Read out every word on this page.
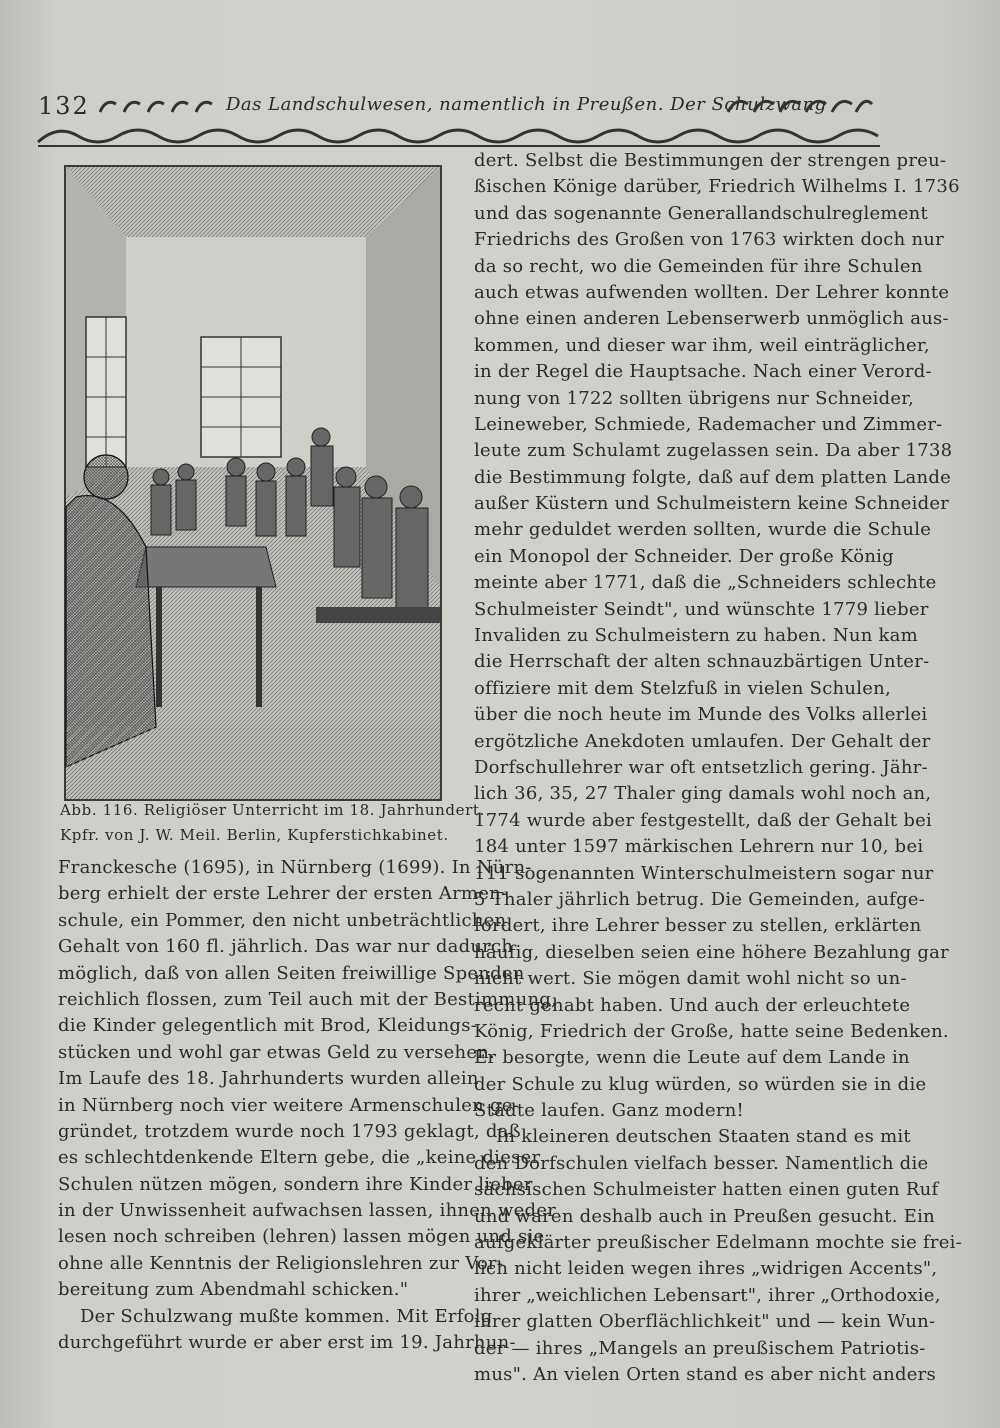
132	Das Landschulwesen, namentlich in Preußen. Der Schulzwang
Abb. 116. Religiöser Unterricht im 18. Jahrhundert.
Kpfr. von J. W. Meil. Berlin, Kupferstichkabinet.
Franckesche (1695), in Nürnberg (1699). In Nürn-
berg erhielt der erste Lehrer der ersten Armen-
schule, ein Pommer, den nicht unbeträchtlichen
Gehalt von 160 fl. jährlich. Das war nur dadurch
möglich, daß von allen Seiten freiwillige Spenden
reichlich flossen, zum Teil auch mit der Bestimmung,
die Kinder gelegentlich mit Brod, Kleidungs-
stücken und wohl gar etwas Geld zu versehen.
Im Laufe des 18. Jahrhunderts wurden allein
in Nürnberg noch vier weitere Armenschulen ge-
gründet, trotzdem wurde noch 1793 geklagt, daß
es schlechtdenkende Eltern gebe, die „keine dieser
Schulen nützen mögen, sondern ihre Kinder lieber
in der Unwissenheit aufwachsen lassen, ihnen weder
lesen noch schreiben (lehren) lassen mögen und sie
ohne alle Kenntnis der Religionslehren zur Vor-
bereitung zum Abendmahl schicken."
Der Schulzwang mußte kommen. Mit Erfolg
durchgeführt wurde er aber erst im 19. Jahrhun-
dert. Selbst die Bestimmungen der strengen preu-
ßischen Könige darüber, Friedrich Wilhelms I. 1736
und das sogenannte Generallandschulreglement
Friedrichs des Großen von 1763 wirkten doch nur
da so recht, wo die Gemeinden für ihre Schulen
auch etwas aufwenden wollten. Der Lehrer konnte
ohne einen anderen Lebenserwerb unmöglich aus-
kommen, und dieser war ihm, weil einträglicher,
in der Regel die Hauptsache. Nach einer Verord-
nung von 1722 sollten übrigens nur Schneider,
Leineweber, Schmiede, Rademacher und Zimmer-
leute zum Schulamt zugelassen sein. Da aber 1738
die Bestimmung folgte, daß auf dem platten Lande
außer Küstern und Schulmeistern keine Schneider
mehr geduldet werden sollten, wurde die Schule
ein Monopol der Schneider. Der große König
meinte aber 1771, daß die „Schneiders schlechte
Schulmeister Seindt", und wünschte 1779 lieber
Invaliden zu Schulmeistern zu haben. Nun kam
die Herrschaft der alten schnauzbärtigen Unter-
offiziere mit dem Stelzfuß in vielen Schulen,
über die noch heute im Munde des Volks allerlei
ergötzliche Anekdoten umlaufen. Der Gehalt der
Dorfschullehrer war oft entsetzlich gering. Jähr-
lich 36, 35, 27 Thaler ging damals wohl noch an,
1774 wurde aber festgestellt, daß der Gehalt bei
184 unter 1597 märkischen Lehrern nur 10, bei
111 sogenannten Winterschulmeistern sogar nur
5 Thaler jährlich betrug. Die Gemeinden, aufge-
fordert, ihre Lehrer besser zu stellen, erklärten
häufig, dieselben seien eine höhere Bezahlung gar
nicht wert. Sie mögen damit wohl nicht so un-
recht gehabt haben. Und auch der erleuchtete
König, Friedrich der Große, hatte seine Bedenken.
Er besorgte, wenn die Leute auf dem Lande in
der Schule zu klug würden, so würden sie in die
Städte laufen. Ganz modern!
In kleineren deutschen Staaten stand es mit
den Dorfschulen vielfach besser. Namentlich die
sächsischen Schulmeister hatten einen guten Ruf
und waren deshalb auch in Preußen gesucht. Ein
aufgeklärter preußischer Edelmann mochte sie frei-
lich nicht leiden wegen ihres „widrigen Accents",
ihrer „weichlichen Lebensart", ihrer „Orthodoxie,
ihrer glatten Oberflächlichkeit" und — kein Wun-
der — ihres „Mangels an preußischem Patriotis-
mus". An vielen Orten stand es aber nicht anders
